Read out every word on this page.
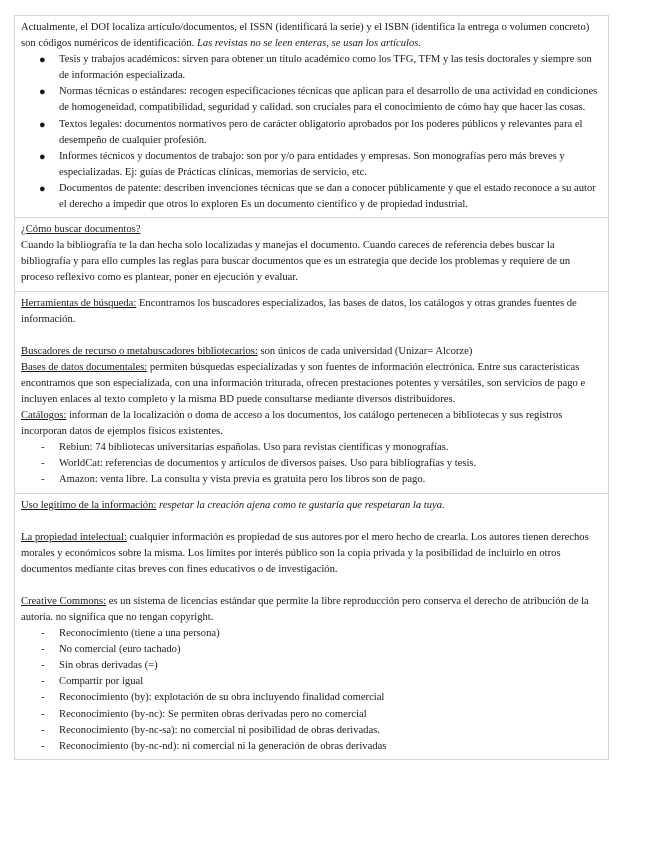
Actualmente, el DOI localiza artículo/documentos, el ISSN (identificará la serie) y el ISBN (identifica la entrega o volumen concreto) son códigos numéricos de identificación. Las revistas no se leen enteras, se usan los artículos.

● Tesis y trabajos académicos: sirven para obtener un título académico como los TFG, TFM y las tesis doctorales y siempre son de información especializada.
● Normas técnicas o estándares: recogen especificaciones técnicas que aplican para el desarrollo de una actividad en condiciones de homogeneidad, compatibilidad, seguridad y calidad. son cruciales para el conocimiento de cómo hay que hacer las cosas.
● Textos legales: documentos normativos pero de carácter obligatorio aprobados por los poderes públicos y relevantes para el desempeño de cualquier profesión.
● Informes técnicos y documentos de trabajo: son por y/o para entidades y empresas. Son monografías pero más breves y especializadas. Ej: guías de Prácticas clínicas, memorias de servicio, etc.
● Documentos de patente: describen invenciones técnicas que se dan a conocer públicamente y que el estado reconoce a su autor el derecho a impedir que otros lo exploren Es un documento científico y de propiedad industrial.

¿Cómo buscar documentos?

Cuando la bibliografía te la dan hecha solo localizadas y manejas el documento. Cuando careces de referencia debes buscar la bibliografía y para ello cumples las reglas para buscar documentos que es un estrategia que decide los problemas y requiere de un proceso reflexivo como es plantear, poner en ejecución y evaluar.

Herramientas de búsqueda: Encontramos los buscadores especializados, las bases de datos, los catálogos y otras grandes fuentes de información.

Buscadores de recurso o metabuscadores bibliotecarios: son únicos de cada universidad (Unizar= Alcorze)

Bases de datos documentales: permiten búsquedas especializadas y son fuentes de información electrónica. Entre sus características encontramos que son especializada, con una información triturada, ofrecen prestaciones potentes y versátiles, son servicios de pago e incluyen enlaces al texto completo y la misma BD puede consultarse mediante diversos distribuidores.

Catálogos: informan de la localización o doma de acceso a los documentos, los catálogo pertenecen a bibliotecas y sus registros incorporan datos de ejemplos físicos existentes.

- Rebiun: 74 bibliotecas universitarias españolas. Uso para revistas científicas y monografías.
- WorldCat: referencias de documentos y artículos de diversos países. Uso para bibliografías y tesis.
- Amazon: venta libre. La consulta y vista previa es gratuita pero los libros son de pago.

Uso legítimo de la información: respetar la creación ajena como te gustaría que respetaran la tuya.

La propiedad intelectual: cualquier información es propiedad de sus autores por el mero hecho de crearla. Los autores tienen derechos morales y económicos sobre la misma. Los límites por interés público son la copia privada y la posibilidad de incluirlo en otros documentos mediante citas breves con fines educativos o de investigación.

Creative Commons: es un sistema de licencias estándar que permite la libre reproducción pero conserva el derecho de atribución de la autoría. no significa que no tengan copyright.

- Reconocimiento (tiene a una persona)
- No comercial (euro tachado)
- Sin obras derivadas (=)
- Compartir por igual
- Reconocimiento (by): explotación de su obra incluyendo finalidad comercial
- Reconocimiento (by-nc): Se permiten obras derivadas pero no comercial
- Reconocimiento (by-nc-sa): no comercial ni posibilidad de obras derivadas.
- Reconocimiento (by-nc-nd): ni comercial ni la generación de obras derivadas
